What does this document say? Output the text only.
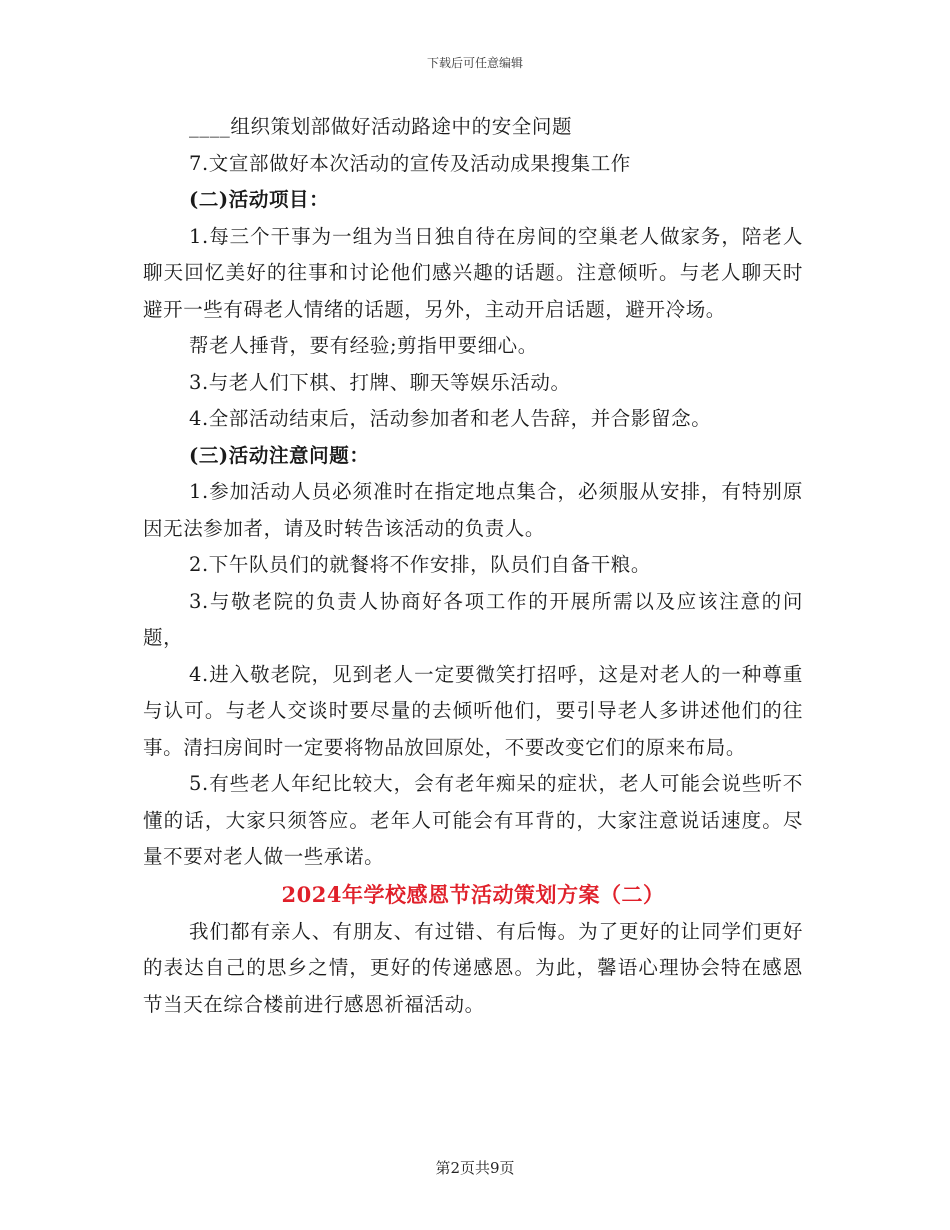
下载后可任意编辑

____组织策划部做好活动路途中的安全问题

7.文宣部做好本次活动的宣传及活动成果搜集工作

(二)活动项目：

1.每三个干事为一组为当日独自待在房间的空巢老人做家务，陪老人聊天回忆美好的往事和讨论他们感兴趣的话题。注意倾听。与老人聊天时避开一些有碍老人情绪的话题，另外，主动开启话题，避开冷场。

帮老人捶背，要有经验;剪指甲要细心。

3.与老人们下棋、打牌、聊天等娱乐活动。

4.全部活动结束后，活动参加者和老人告辞，并合影留念。

(三)活动注意问题：

1.参加活动人员必须准时在指定地点集合，必须服从安排，有特别原因无法参加者，请及时转告该活动的负责人。

2.下午队员们的就餐将不作安排，队员们自备干粮。

3.与敬老院的负责人协商好各项工作的开展所需以及应该注意的问题，

4.进入敬老院，见到老人一定要微笑打招呼，这是对老人的一种尊重与认可。与老人交谈时要尽量的去倾听他们，要引导老人多讲述他们的往事。清扫房间时一定要将物品放回原处，不要改变它们的原来布局。

5.有些老人年纪比较大，会有老年痴呆的症状，老人可能会说些听不懂的话，大家只须答应。老年人可能会有耳背的，大家注意说话速度。尽量不要对老人做一些承诺。

2024年学校感恩节活动策划方案（二）

我们都有亲人、有朋友、有过错、有后悔。为了更好的让同学们更好的表达自己的思乡之情，更好的传递感恩。为此，馨语心理协会特在感恩节当天在综合楼前进行感恩祈福活动。

第2页共9页
